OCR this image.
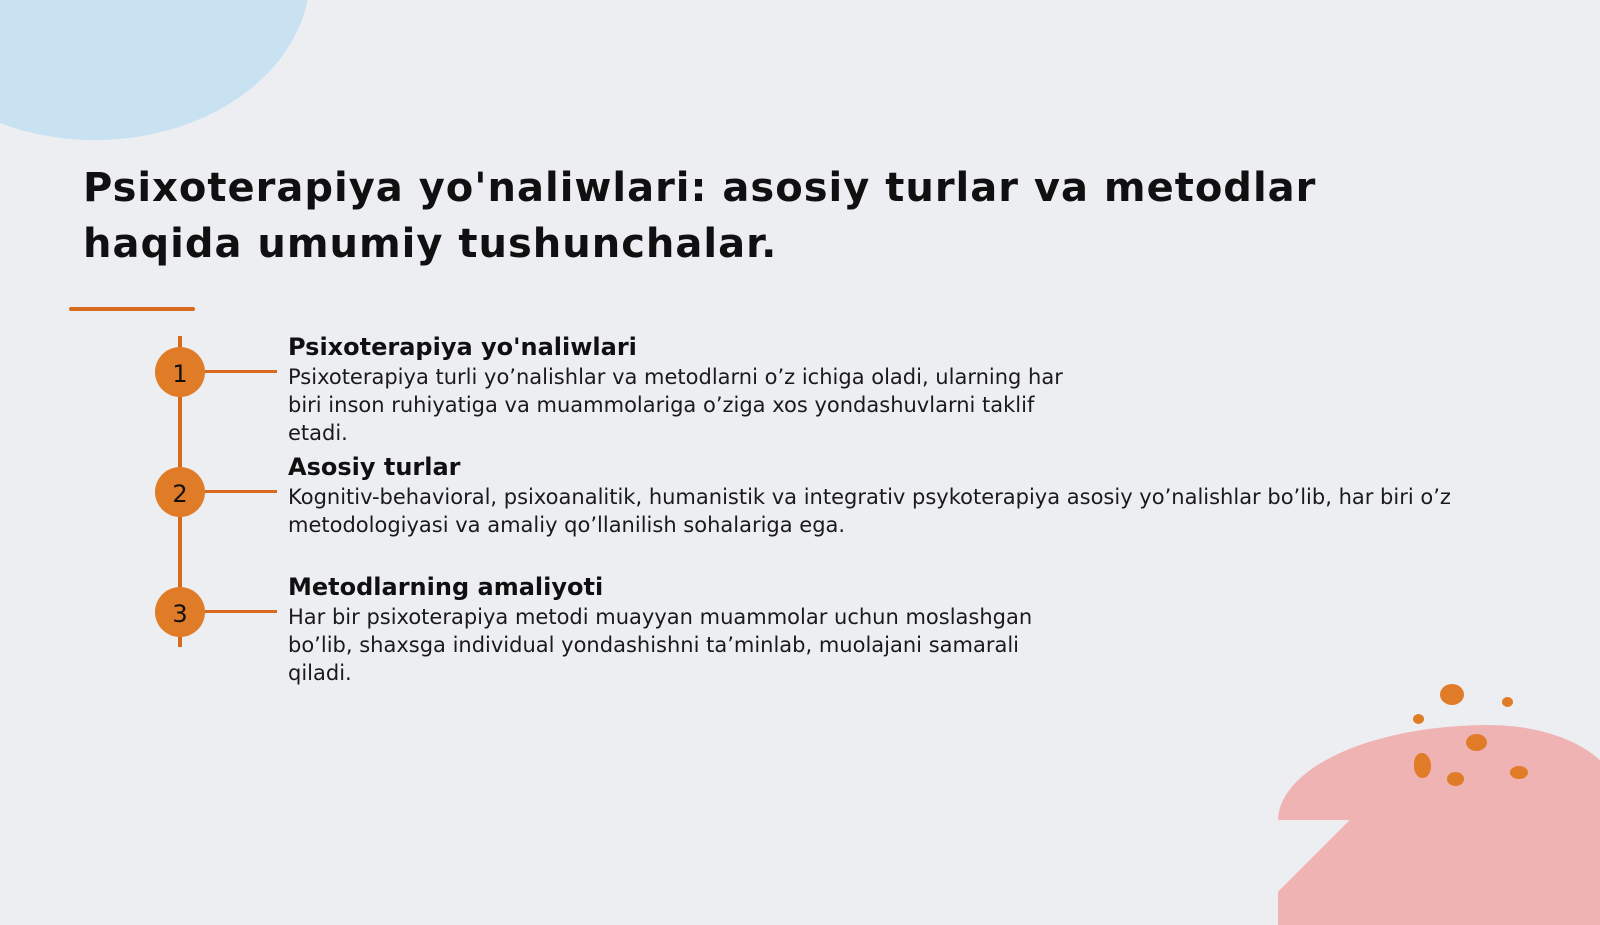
Psixoterapiya yo'naliwlari: asosiy turlar va metodlar haqida umumiy tushunchalar.
1
Psixoterapiya yo'naliwlari

Psixoterapiya turli yo’nalishlar va metodlarni o’z ichiga oladi, ularning har biri inson ruhiyatiga va muammolariga o’ziga xos yondashuvlarni taklif etadi.

2
Asosiy turlar

Kognitiv-behavioral, psixoanalitik, humanistik va integrativ psykoterapiya asosiy yo’nalishlar bo’lib, har biri o’z metodologiyasi va amaliy qo’llanilish sohalariga ega.

3
Metodlarning amaliyoti

Har bir psixoterapiya metodi muayyan muammolar uchun moslashgan bo’lib, shaxsga individual yondashishni ta’minlab, muolajani samarali qiladi.
